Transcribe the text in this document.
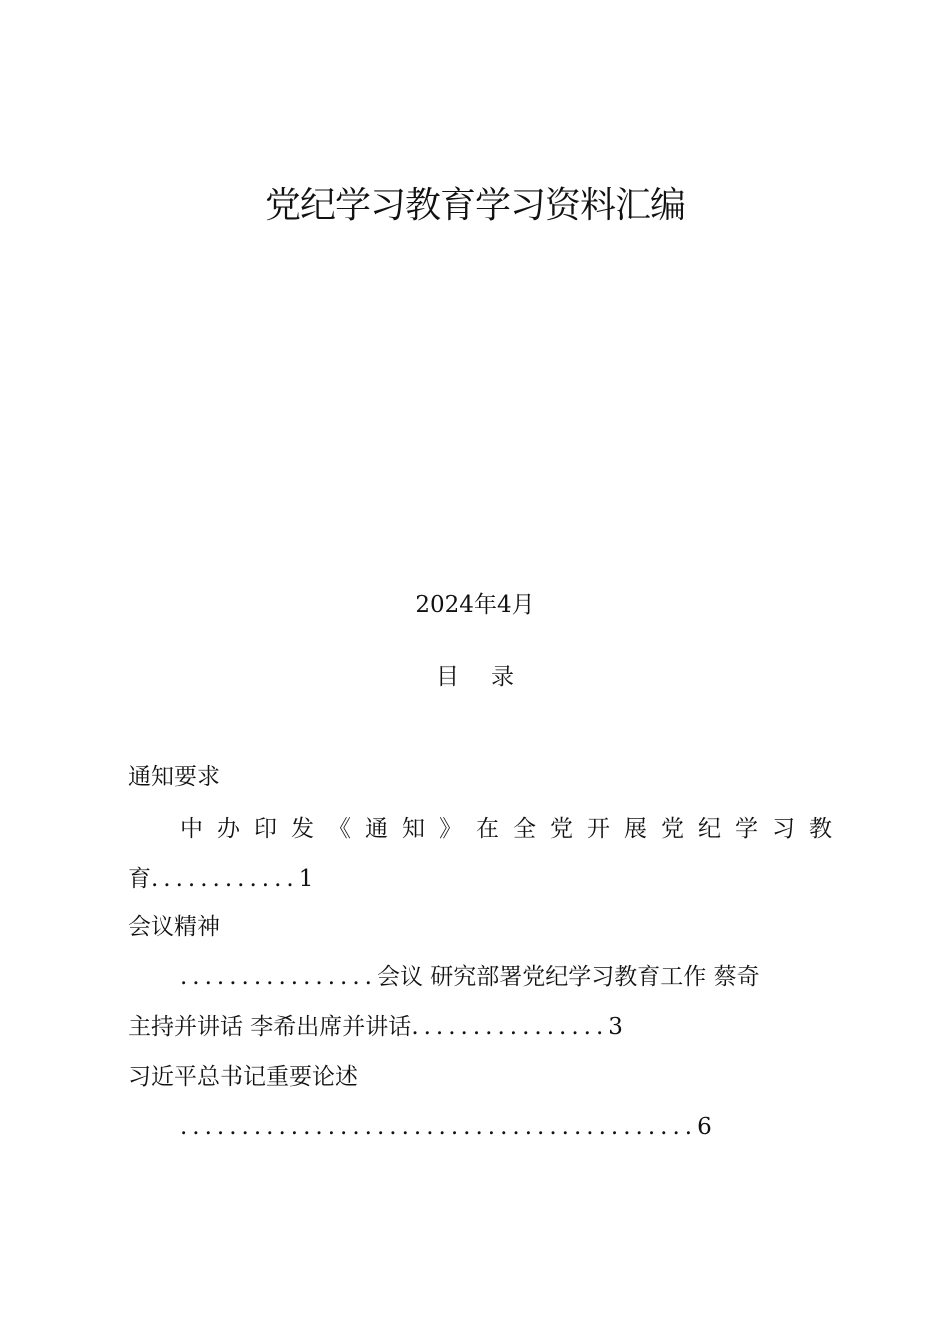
党纪学习教育学习资料汇编
2024年4月
目 录
通知要求
中 办 印 发 《 通 知 》 在 全 党 开 展 党 纪 学 习 教
育............1
会议精神
................会议 研究部署党纪学习教育工作 蔡奇
主持并讲话 李希出席并讲话................3
习近平总书记重要论述
..........................................6
